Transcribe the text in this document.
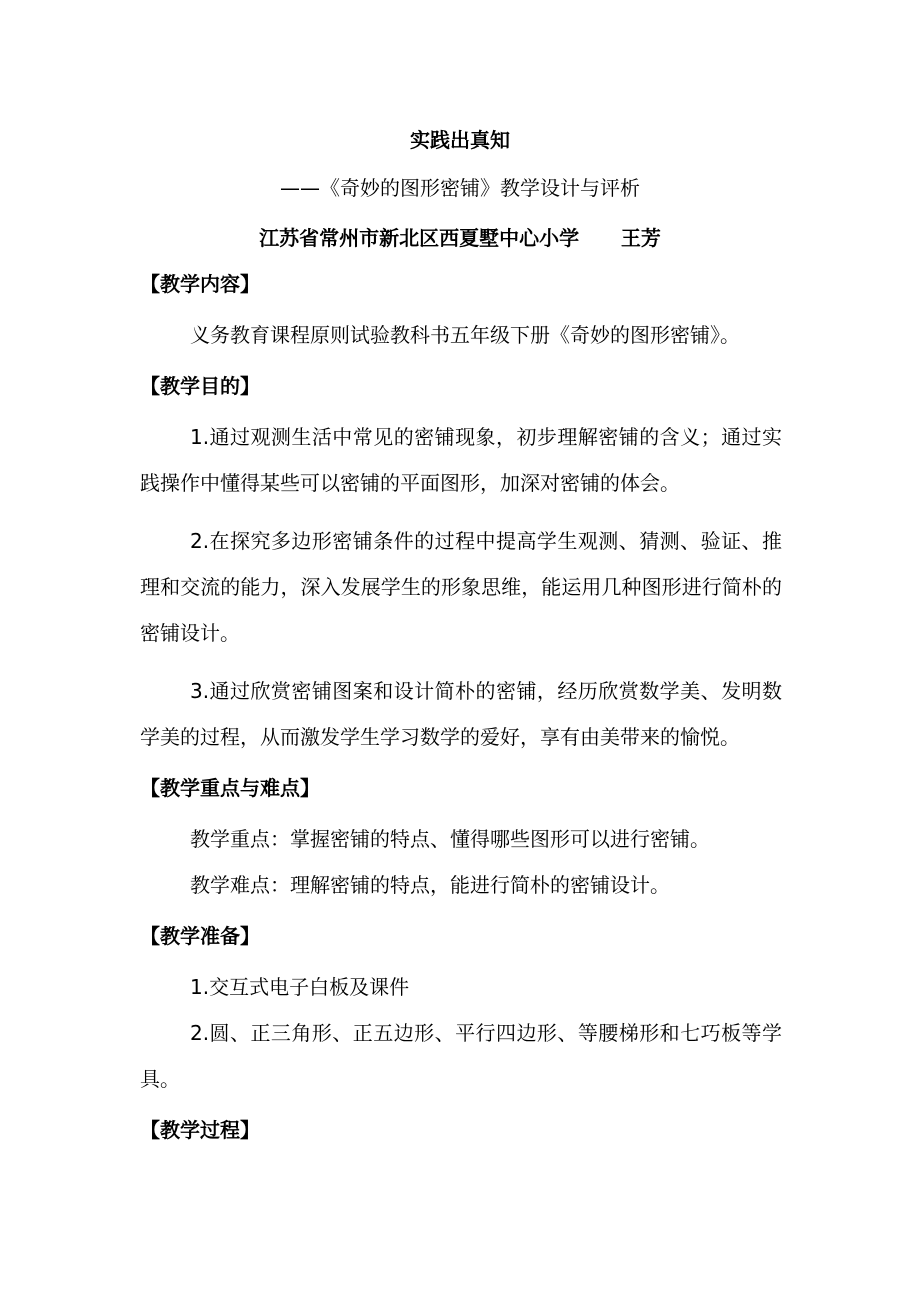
实践出真知
——《奇妙的图形密铺》教学设计与评析
江苏省常州市新北区西夏墅中心小学      王芳
【教学内容】

义务教育课程原则试验教科书五年级下册《奇妙的图形密铺》。

【教学目的】

1.通过观测生活中常见的密铺现象，初步理解密铺的含义；通过实践操作中懂得某些可以密铺的平面图形，加深对密铺的体会。

2.在探究多边形密铺条件的过程中提高学生观测、猜测、验证、推理和交流的能力，深入发展学生的形象思维，能运用几种图形进行简朴的密铺设计。

3.通过欣赏密铺图案和设计简朴的密铺，经历欣赏数学美、发明数学美的过程，从而激发学生学习数学的爱好，享有由美带来的愉悦。

【教学重点与难点】

教学重点：掌握密铺的特点、懂得哪些图形可以进行密铺。

教学难点：理解密铺的特点，能进行简朴的密铺设计。

【教学准备】

1.交互式电子白板及课件

2.圆、正三角形、正五边形、平行四边形、等腰梯形和七巧板等学具。

【教学过程】
